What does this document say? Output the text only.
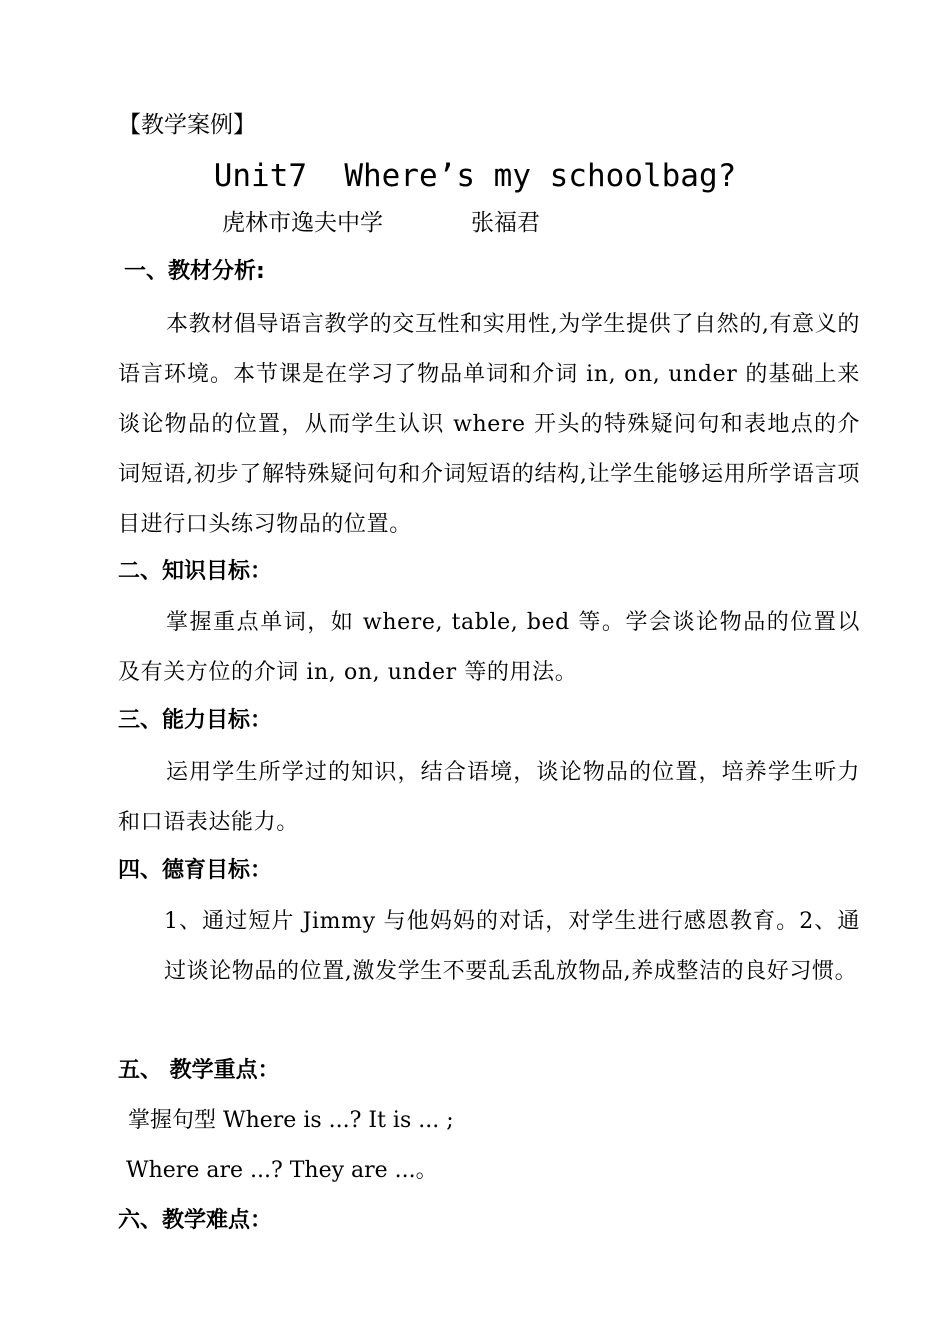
【教学案例】
Unit7  Where’s my schoolbag?
虎林市逸夫中学	张福君
一、教材分析:

本教材倡导语言教学的交互性和实用性,为学生提供了自然的,有意义的语言环境。本节课是在学习了物品单词和介词 in, on, under 的基础上来谈论物品的位置，从而学生认识 where 开头的特殊疑问句和表地点的介词短语,初步了解特殊疑问句和介词短语的结构,让学生能够运用所学语言项目进行口头练习物品的位置。

二、知识目标：

掌握重点单词，如 where, table, bed 等。学会谈论物品的位置以及有关方位的介词 in, on, under 等的用法。

三、能力目标：

运用学生所学过的知识，结合语境，谈论物品的位置，培养学生听力和口语表达能力。

四、德育目标：

1、通过短片 Jimmy 与他妈妈的对话，对学生进行感恩教育。2、通过谈论物品的位置,激发学生不要乱丢乱放物品,养成整洁的良好习惯。

五、 教学重点：
掌握句型 Where is ...? It is ... ;
Where are ...? They are ...。
六、教学难点：
